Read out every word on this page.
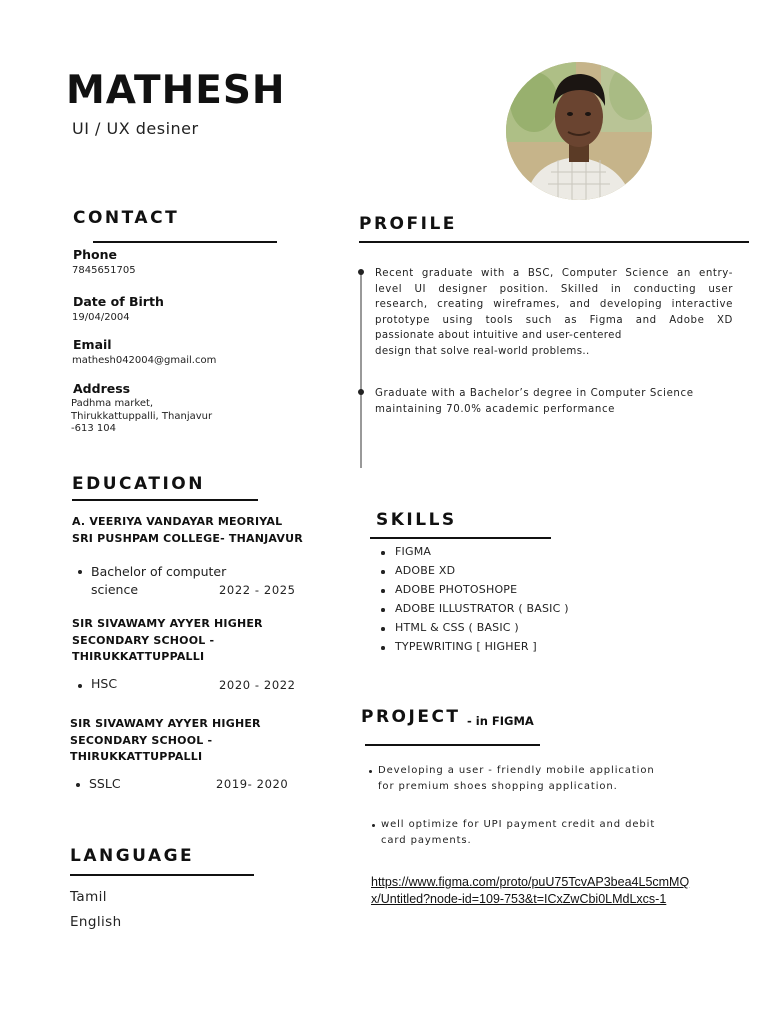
MATHESH
UI / UX desiner
CONTACT
Phone
7845651705
Date of Birth
19/04/2004
Email
mathesh042004@gmail.com
Address
Padhma market,
Thirukkattuppalli, Thanjavur
-613 104
PROFILE
Recent graduate with a BSC, Computer Science an entry-
level UI designer position. Skilled in conducting user
research, creating wireframes, and developing interactive
prototype using tools such as Figma and Adobe XD
passionate about intuitive and user-centered
design that solve real-world problems..
Graduate with a Bachelor’s degree in Computer Science
maintaining 70.0% academic performance
EDUCATION
A. VEERIYA VANDAYAR MEORIYAL
SRI PUSHPAM COLLEGE- THANJAVUR
Bachelor of computer
science	2022 - 2025
SIR SIVAWAMY AYYER HIGHER
SECONDARY SCHOOL -
THIRUKKATTUPPALLI
HSC	2020 - 2022
SIR SIVAWAMY AYYER HIGHER
SECONDARY SCHOOL -
THIRUKKATTUPPALLI
SSLC	2019- 2020
SKILLS
FIGMA
ADOBE XD
ADOBE PHOTOSHOPE
ADOBE ILLUSTRATOR ( BASIC )
HTML & CSS ( BASIC )
TYPEWRITING [ HIGHER ]
PROJECT - in FIGMA
Developing a user - friendly mobile application
for premium shoes shopping application.
well optimize for UPI payment credit and debit
card payments.
https://www.figma.com/proto/puU75TcvAP3bea4L5cmMQ
x/Untitled?node-id=109-753&t=ICxZwCbi0LMdLxcs-1
LANGUAGE
Tamil
English
